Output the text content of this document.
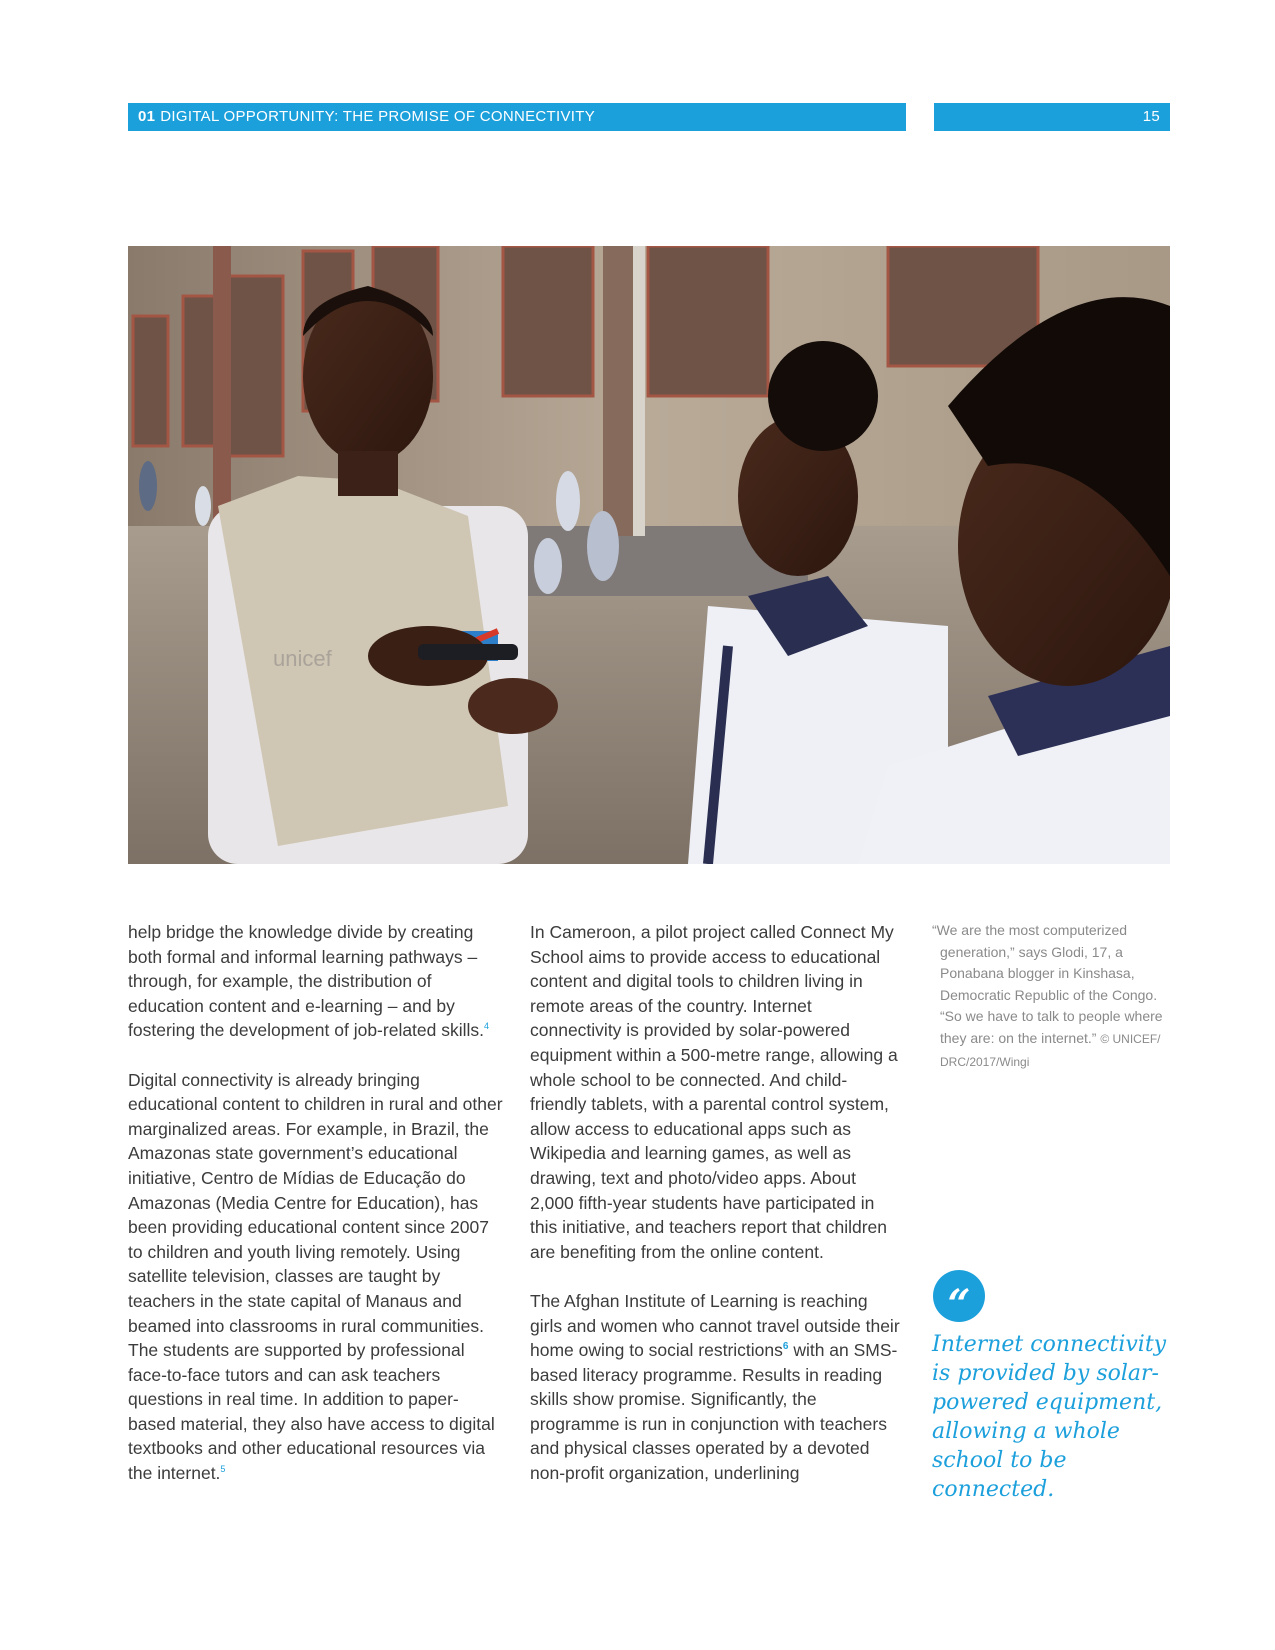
01 DIGITAL OPPORTUNITY: THE PROMISE OF CONNECTIVITY	15
unicef

help bridge the knowledge divide by creating both formal and informal learning pathways – through, for example, the distribution of education content and e-learning – and by fostering the development of job-related skills.$^4$

Digital connectivity is already bringing educational content to children in rural and other marginalized areas. For example, in Brazil, the Amazonas state government’s educational initiative, Centro de Mídias de Educação do Amazonas (Media Centre for Education), has been providing educational content since 2007 to children and youth living remotely. Using satellite television, classes are taught by teachers in the state capital of Manaus and beamed into classrooms in rural communities. The students are supported by professional face-to-face tutors and can ask teachers questions in real time. In addition to paper-based material, they also have access to digital textbooks and other educational resources via the internet.$^5$

In Cameroon, a pilot project called Connect My School aims to provide access to educational content and digital tools to children living in remote areas of the country. Internet connectivity is provided by solar-powered equipment within a 500-metre range, allowing a whole school to be connected. And child-friendly tablets, with a parental control system, allow access to educational apps such as Wikipedia and learning games, as well as drawing, text and photo/video apps. About 2,000 fifth-year students have participated in this initiative, and teachers report that children are benefiting from the online content.

The Afghan Institute of Learning is reaching girls and women who cannot travel outside their home owing to social restrictions$^6$ with an SMS-based literacy programme. Results in reading skills show promise. Significantly, the programme is run in conjunction with teachers and physical classes operated by a devoted non-profit organization, underlining

“We are the most computerized generation,” says Glodi, 17, a Ponabana blogger in Kinshasa, Democratic Republic of the Congo. “So we have to talk to people where they are: on the internet.” © UNICEF/ DRC/2017/Wingi
“
Internet connectivity is provided by solar-powered equipment, allowing a whole school to be connected.
